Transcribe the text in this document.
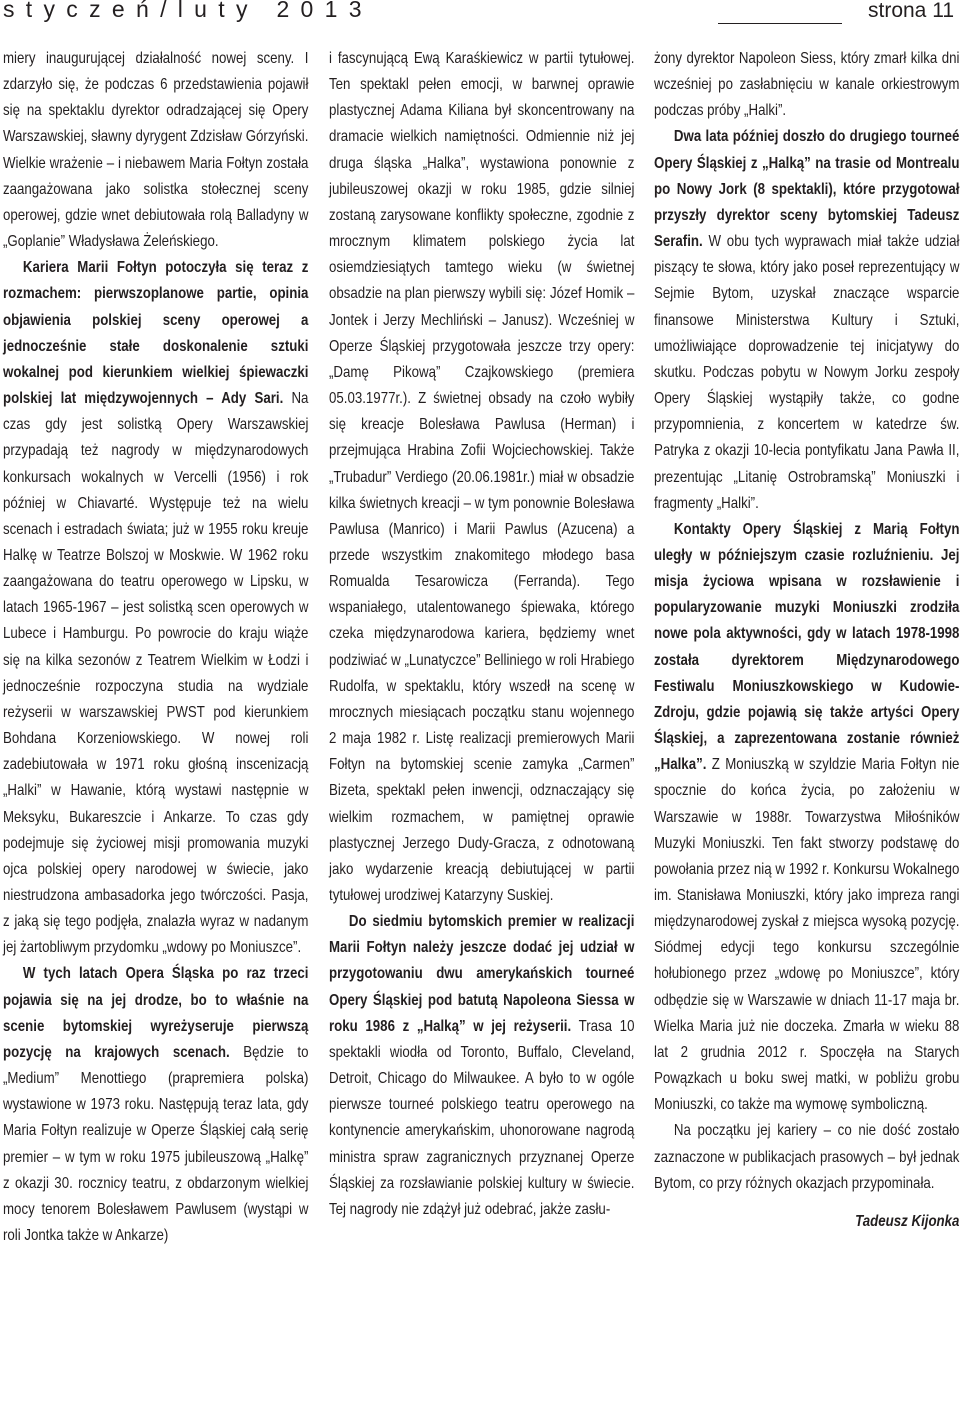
styczeń/luty 2013	strona 11

miery inaugurującej działalność nowej sceny. I zdarzyło się, że podczas 6 przedstawienia pojawił się na spektaklu dyrektor odradzającej się Opery Warszawskiej, sławny dyrygent Zdzisław Górzyński. Wielkie wrażenie – i niebawem Maria Fołtyn została zaangażowana jako solistka stołecznej sceny operowej, gdzie wnet debiutowała rolą Balladyny w „Goplanie” Władysława Żeleńskiego.

Kariera Marii Fołtyn potoczyła się teraz z rozmachem: pierwszoplanowe partie, opinia objawienia polskiej sceny operowej a jednocześnie stałe doskonalenie sztuki wokalnej pod kierunkiem wielkiej śpiewaczki polskiej lat międzywojennych – Ady Sari. Na czas gdy jest solistką Opery Warszawskiej przypadają też nagrody w międzynarodowych konkursach wokalnych w Vercelli (1956) i rok później w Chiavarté. Występuje też na wielu scenach i estradach świata; już w 1955 roku kreuje Halkę w Teatrze Bolszoj w Moskwie. W 1962 roku zaangażowana do teatru operowego w Lipsku, w latach 1965-1967 – jest solistką scen operowych w Lubece i Hamburgu. Po powrocie do kraju wiąże się na kilka sezonów z Teatrem Wielkim w Łodzi i jednocześnie rozpoczyna studia na wydziale reżyserii w warszawskiej PWST pod kierunkiem Bohdana Korzeniowskiego. W nowej roli zadebiutowała w 1971 roku głośną inscenizacją „Halki” w Hawanie, którą wystawi następnie w Meksyku, Bukareszcie i Ankarze. To czas gdy podejmuje się życiowej misji promowania muzyki ojca polskiej opery narodowej w świecie, jako niestrudzona ambasadorka jego twórczości. Pasja, z jaką się tego podjęła, znalazła wyraz w nadanym jej żartobliwym przydomku „wdowy po Moniuszce”.

W tych latach Opera Śląska po raz trzeci pojawia się na jej drodze, bo to właśnie na scenie bytomskiej wyreżyseruje pierwszą pozycję na krajowych scenach. Będzie to „Medium” Menottiego (prapremiera polska) wystawione w 1973 roku. Następują teraz lata, gdy Maria Fołtyn realizuje w Operze Śląskiej całą serię premier – w tym w roku 1975 jubileuszową „Halkę” z okazji 30. rocznicy teatru, z obdarzonym wielkiej mocy tenorem Bolesławem Pawlusem (wystąpi w roli Jontka także w Ankarze)

i fascynującą Ewą Karaśkiewicz w partii tytułowej. Ten spektakl pełen emocji, w barwnej oprawie plastycznej Adama Kiliana był skoncentrowany na dramacie wielkich namiętności. Odmiennie niż jej druga śląska „Halka”, wystawiona ponownie z jubileuszowej okazji w roku 1985, gdzie silniej zostaną zarysowane konflikty społeczne, zgodnie z mrocznym klimatem polskiego życia lat osiemdziesiątych tamtego wieku (w świetnej obsadzie na plan pierwszy wybili się: Józef Homik – Jontek i Jerzy Mechliński – Janusz). Wcześniej w Operze Śląskiej przygotowała jeszcze trzy opery: „Damę Pikową” Czajkowskiego (premiera 05.03.1977r.). Z świetnej obsady na czoło wybiły się kreacje Bolesława Pawlusa (Herman) i przejmująca Hrabina Zofii Wojciechowskiej. Także „Trubadur” Verdiego (20.06.1981r.) miał w obsadzie kilka świetnych kreacji – w tym ponownie Bolesława Pawlusa (Manrico) i Marii Pawlus (Azucena) a przede wszystkim znakomitego młodego basa Romualda Tesarowicza (Ferranda). Tego wspaniałego, utalentowanego śpiewaka, którego czeka międzynarodowa kariera, będziemy wnet podziwiać w „Lunatyczce” Belliniego w roli Hrabiego Rudolfa, w spektaklu, który wszedł na scenę w mrocznych miesiącach początku stanu wojennego 2 maja 1982 r. Listę realizacji premierowych Marii Fołtyn na bytomskiej scenie zamyka „Carmen” Bizeta, spektakl pełen inwencji, odznaczający się wielkim rozmachem, w pamiętnej oprawie plastycznej Jerzego Dudy-Gracza, z odnotowaną jako wydarzenie kreacją debiutującej w partii tytułowej urodziwej Katarzyny Suskiej.

Do siedmiu bytomskich premier w realizacji Marii Fołtyn należy jeszcze dodać jej udział w przygotowaniu dwu amerykańskich tourneé Opery Śląskiej pod batutą Napoleona Siessa w roku 1986 z „Halką” w jej reżyserii. Trasa 10 spektakli wiodła od Toronto, Buffalo, Cleveland, Detroit, Chicago do Milwaukee. A było to w ogóle pierwsze tourneé polskiego teatru operowego na kontynencie amerykańskim, uhonorowane nagrodą ministra spraw zagranicznych przyznanej Operze Śląskiej za rozsławianie polskiej kultury w świecie. Tej nagrody nie zdążył już odebrać, jakże zasłu-

żony dyrektor Napoleon Siess, który zmarł kilka dni wcześniej po zasłabnięciu w kanale orkiestrowym podczas próby „Halki”.

Dwa lata później doszło do drugiego tourneé Opery Śląskiej z „Halką” na trasie od Montrealu po Nowy Jork (8 spektakli), które przygotował przyszły dyrektor sceny bytomskiej Tadeusz Serafin. W obu tych wyprawach miał także udział piszący te słowa, który jako poseł reprezentujący w Sejmie Bytom, uzyskał znaczące wsparcie finansowe Ministerstwa Kultury i Sztuki, umożliwiające doprowadzenie tej inicjatywy do skutku. Podczas pobytu w Nowym Jorku zespoły Opery Śląskiej wystąpiły także, co godne przypomnienia, z koncertem w katedrze św. Patryka z okazji 10-lecia pontyfikatu Jana Pawła II, prezentując „Litanię Ostrobramską” Moniuszki i fragmenty „Halki”.

Kontakty Opery Śląskiej z Marią Fołtyn uległy w późniejszym czasie rozluźnieniu. Jej misja życiowa wpisana w rozsławienie i popularyzowanie muzyki Moniuszki zrodziła nowe pola aktywności, gdy w latach 1978-1998 została dyrektorem Międzynarodowego Festiwalu Moniuszkowskiego w Kudowie-Zdroju, gdzie pojawią się także artyści Opery Śląskiej, a zaprezentowana zostanie również „Halka”. Z Moniuszką w szyldzie Maria Fołtyn nie spocznie do końca życia, po założeniu w Warszawie w 1988r. Towarzystwa Miłośników Muzyki Moniuszki. Ten fakt stworzy podstawę do powołania przez nią w 1992 r. Konkursu Wokalnego im. Stanisława Moniuszki, który jako impreza rangi międzynarodowej zyskał z miejsca wysoką pozycję. Siódmej edycji tego konkursu szczególnie hołubionego przez „wdowę po Moniuszce”, który odbędzie się w Warszawie w dniach 11-17 maja br. Wielka Maria już nie doczeka. Zmarła w wieku 88 lat 2 grudnia 2012 r. Spoczęła na Starych Powązkach u boku swej matki, w pobliżu grobu Moniuszki, co także ma wymowę symboliczną.

Na początku jej kariery – co nie dość zostało zaznaczone w publikacjach prasowych – był jednak Bytom, co przy różnych okazjach przypominała.

Tadeusz Kijonka
